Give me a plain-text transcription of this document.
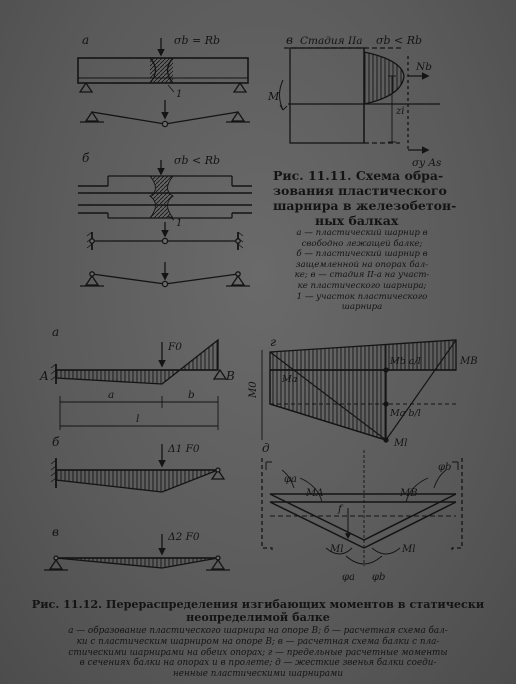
а
б
в
σb = Rb
σb < Rb
σb < Rb
1
1
Стадия IIа
Nb
M
zi
σy As
а
б
в
г
д
A	B
F0
Δ1 F0
Δ2 F0
a	b
l
Ma
MB
M0
Ml
Mb a/l
Ma b/l
MA	MB
f
φa
φb
φa φb
Ml	Ml
Рис. 11.11. Схема обра-
зования пластического
шарнира в железобетон-
ных балках
а — пластический шарнир в
свободно лежащей балке;
б — пластический шарнир в
защемленной на опорах бал-
ке; в — стадия II-а на участ-
ке пластического шарнира;
1 — участок пластического
шарнира
Рис. 11.12. Перераспределения изгибающих моментов в статически
неопределимой балке
а — образование пластического шарнира на опоре B; б — расчетная схема бал-
ки с пластическим шарниром на опоре B; в — расчетная схема балки с пла-
стическими шарнирами на обеих опорах; г — предельные расчетные моменты
в сечениях балки на опорах и в пролете; д — жесткие звенья балки соеди-
ненные пластическими шарнирами
